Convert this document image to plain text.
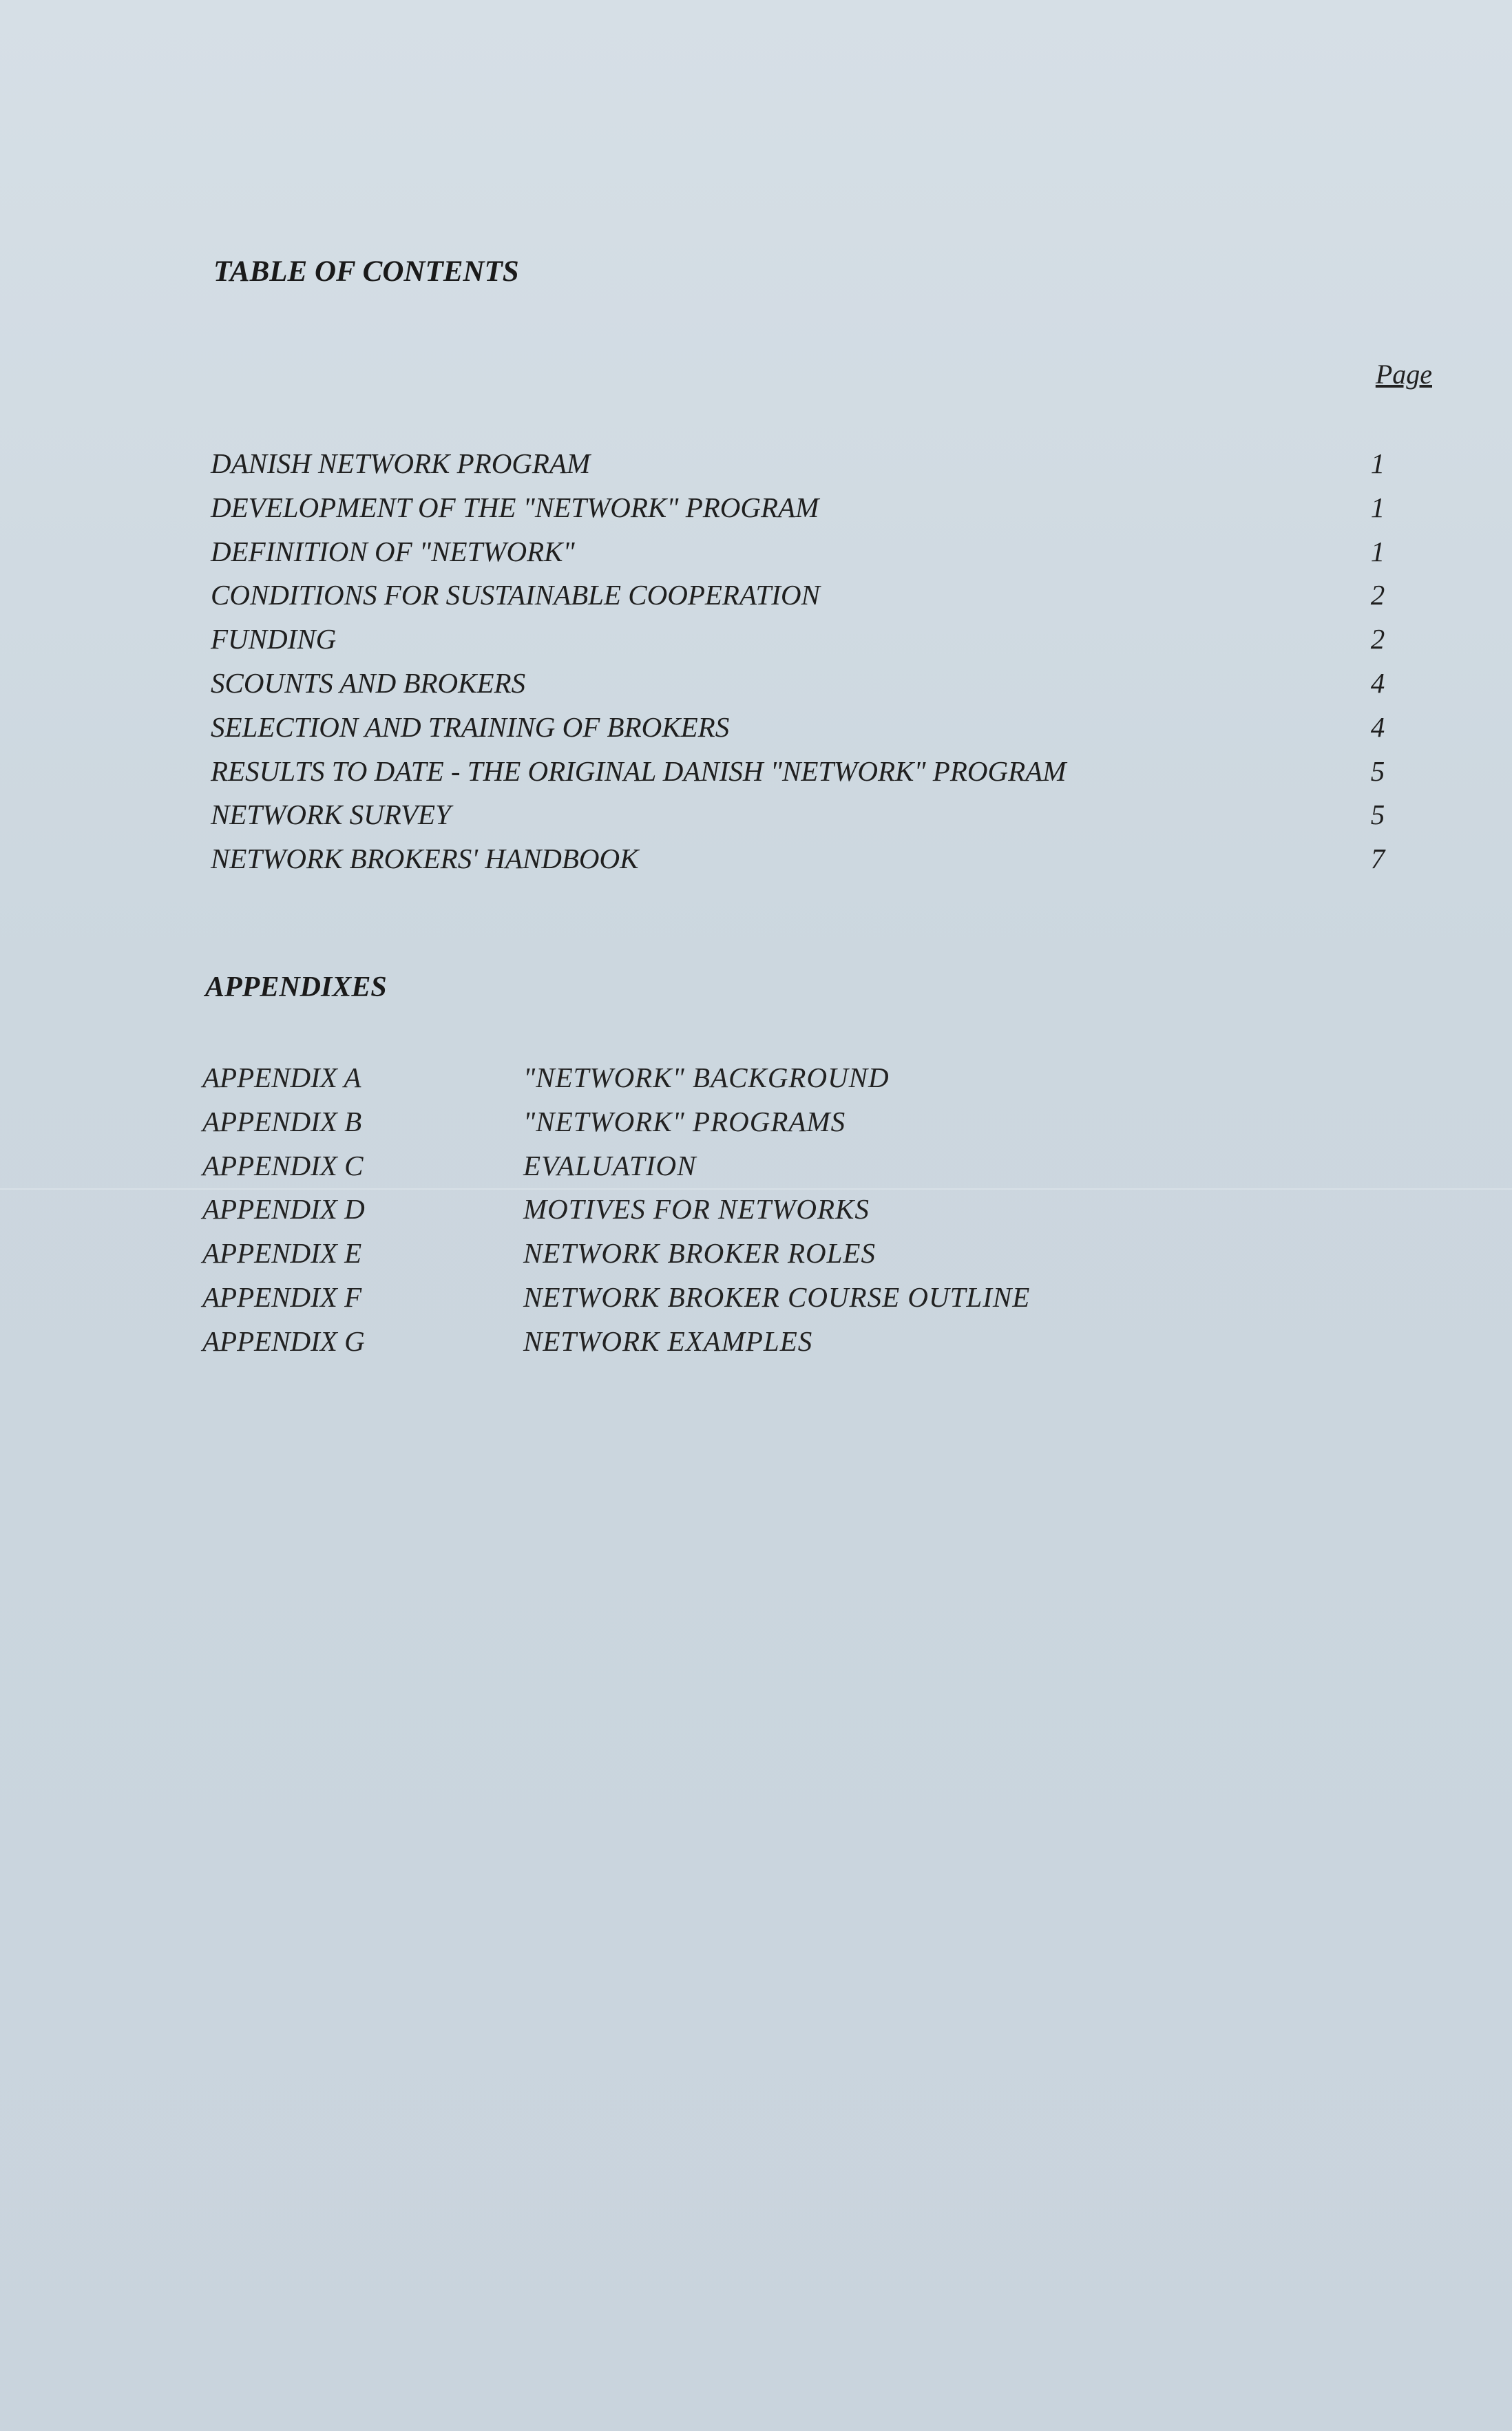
TABLE OF CONTENTS
Page
DANISH NETWORK PROGRAM	1
DEVELOPMENT OF THE "NETWORK" PROGRAM	1
DEFINITION OF "NETWORK"	1
CONDITIONS FOR SUSTAINABLE COOPERATION	2
FUNDING	2
SCOUNTS AND BROKERS	4
SELECTION AND TRAINING OF BROKERS	4
RESULTS TO DATE - THE ORIGINAL DANISH "NETWORK" PROGRAM	5
NETWORK SURVEY	5
NETWORK BROKERS' HANDBOOK	7
APPENDIXES
APPENDIX A	"NETWORK" BACKGROUND
APPENDIX B	"NETWORK" PROGRAMS
APPENDIX C	EVALUATION
APPENDIX D	MOTIVES FOR NETWORKS
APPENDIX E	NETWORK BROKER ROLES
APPENDIX F	NETWORK BROKER COURSE OUTLINE
APPENDIX G	NETWORK EXAMPLES
